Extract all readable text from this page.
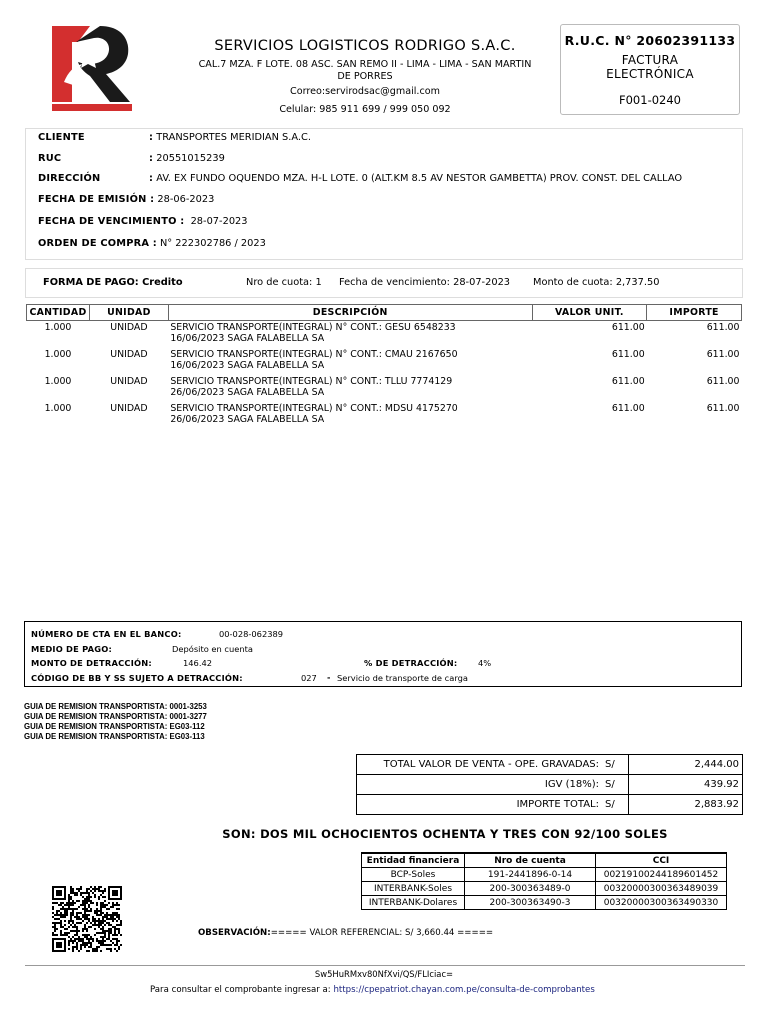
SERVICIOS LOGISTICOS RODRIGO S.A.C.
CAL.7 MZA. F LOTE. 08 ASC. SAN REMO II - LIMA - LIMA - SAN MARTIN
DE PORRES
Correo:servirodsac@gmail.com
Celular: 985 911 699 / 999 050 092
R.U.C. N° 20602391133
FACTURA
ELECTRÓNICA
F001-0240
CLIENTE	: TRANSPORTES MERIDIAN S.A.C.
RUC	: 20551015239
DIRECCIÓN	: AV. EX FUNDO OQUENDO MZA. H-L LOTE. 0 (ALT.KM 8.5 AV NESTOR GAMBETTA) PROV. CONST. DEL CALLAO
FECHA DE EMISIÓN : 28-06-2023
FECHA DE VENCIMIENTO : 28-07-2023
ORDEN DE COMPRA : N° 222302786 / 2023
FORMA DE PAGO: Credito	Nro de cuota: 1 Fecha de vencimiento: 28-07-2023 Monto de cuota: 2,737.50
CANTIDAD	UNIDAD	DESCRIPCIÓN	VALOR UNIT.	IMPORTE
1.000	UNIDAD	SERVICIO TRANSPORTE(INTEGRAL) N° CONT.: GESU 6548233
16/06/2023 SAGA FALABELLA SA	611.00	611.00
1.000	UNIDAD	SERVICIO TRANSPORTE(INTEGRAL) N° CONT.: CMAU 2167650
16/06/2023 SAGA FALABELLA SA	611.00	611.00
1.000	UNIDAD	SERVICIO TRANSPORTE(INTEGRAL) N° CONT.: TLLU 7774129
26/06/2023 SAGA FALABELLA SA	611.00	611.00
1.000	UNIDAD	SERVICIO TRANSPORTE(INTEGRAL) N° CONT.: MDSU 4175270
26/06/2023 SAGA FALABELLA SA	611.00	611.00
NÚMERO DE CTA EN EL BANCO:	00-028-062389
MEDIO DE PAGO:	Depósito en cuenta
MONTO DE DETRACCIÓN:	146.42	% DE DETRACCIÓN: 4%
CÓDIGO DE BB Y SS SUJETO A DETRACCIÓN:	027 - Servicio de transporte de carga
GUIA DE REMISION TRANSPORTISTA: 0001-3253
GUIA DE REMISION TRANSPORTISTA: 0001-3277
GUIA DE REMISION TRANSPORTISTA: EG03-112
GUIA DE REMISION TRANSPORTISTA: EG03-113
TOTAL VALOR DE VENTA - OPE. GRAVADAS:	S/	2,444.00
IGV (18%):	S/	439.92
IMPORTE TOTAL:	S/	2,883.92
SON: DOS MIL OCHOCIENTOS OCHENTA Y TRES CON 92/100 SOLES
Entidad financiera	Nro de cuenta	CCI
BCP-Soles	191-2441896-0-14	00219100244189601452
INTERBANK-Soles	200-300363489-0	00320000300363489039
INTERBANK-Dolares	200-300363490-3	00320000300363490330
OBSERVACIÓN:===== VALOR REFERENCIAL: S/ 3,660.44 =====
Sw5HuRMxv80NfXvi/QS/FLIciac=
Para consultar el comprobante ingresar a: https://cpepatriot.chayan.com.pe/consulta-de-comprobantes
